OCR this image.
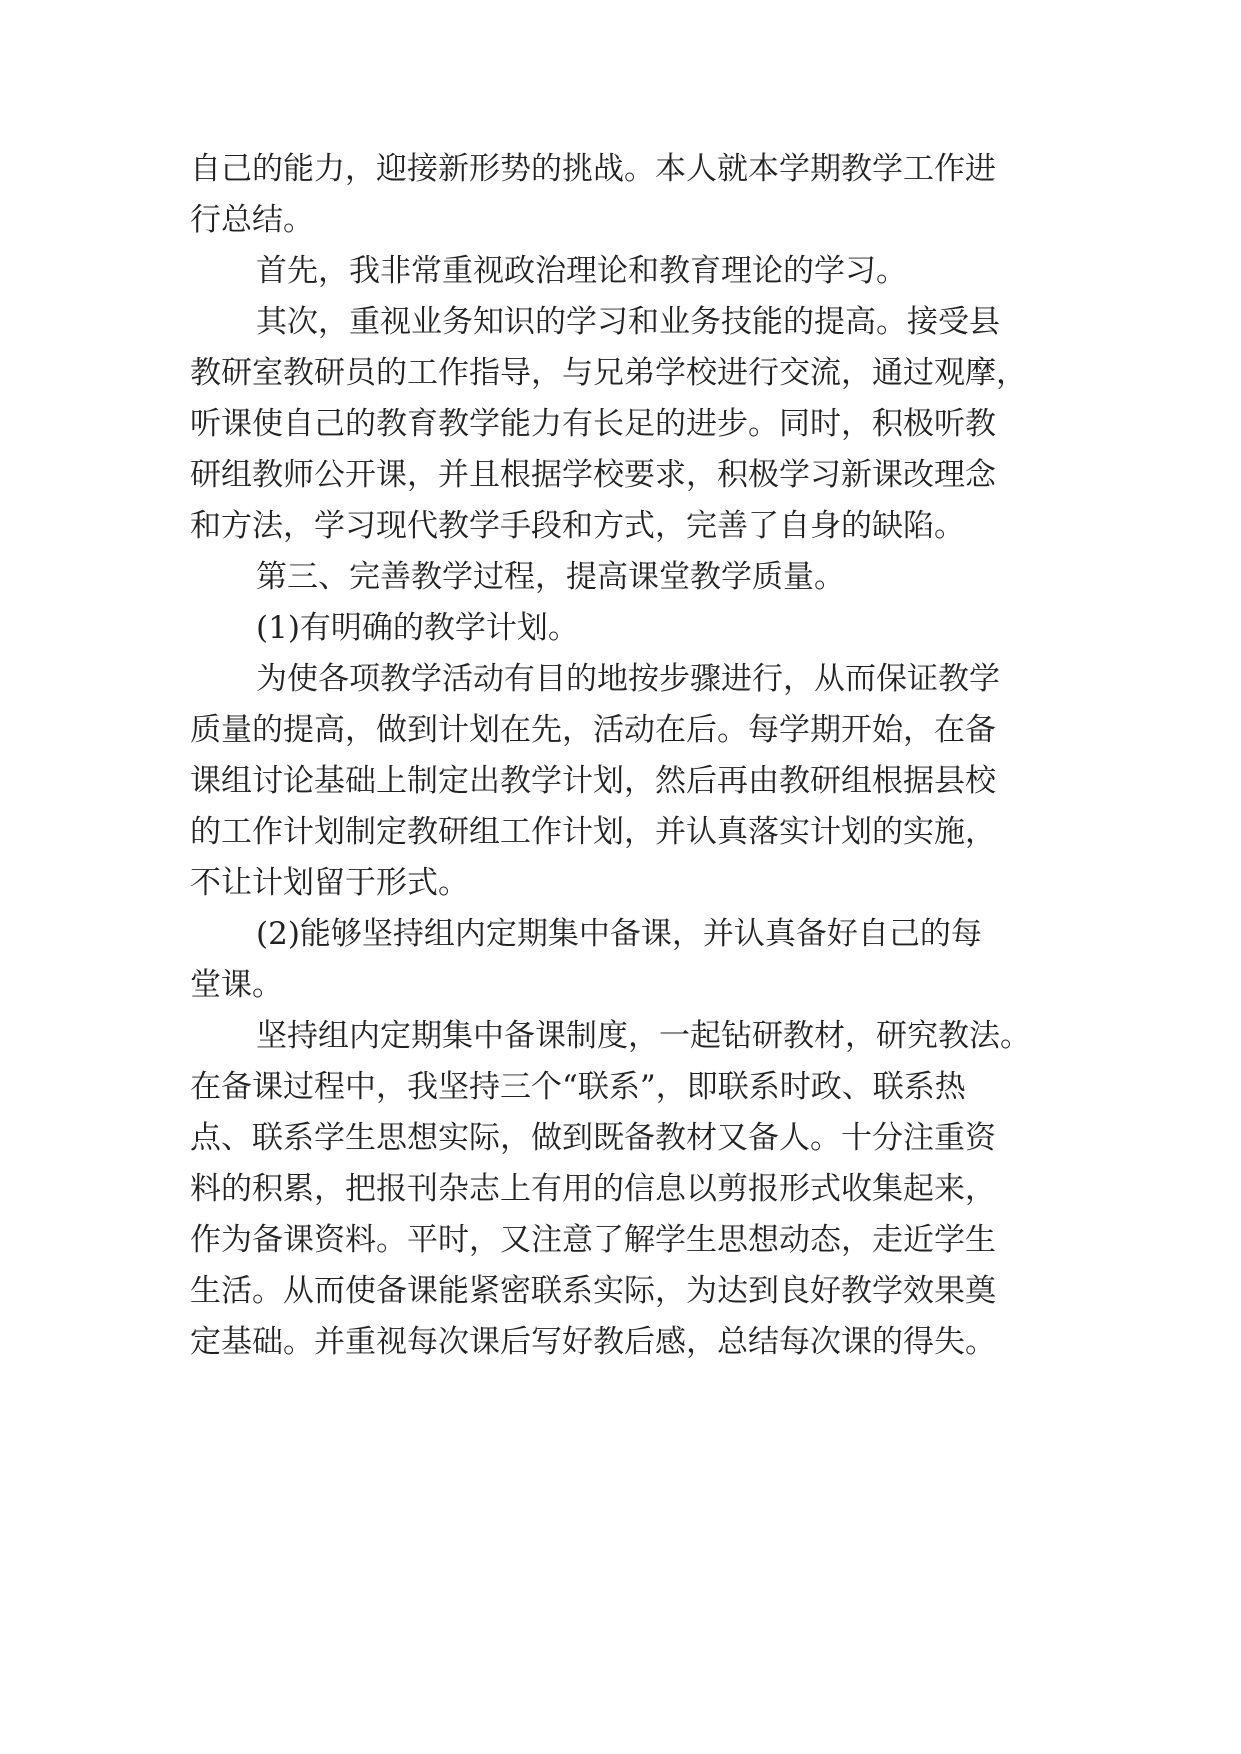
自己的能力，迎接新形势的挑战。本人就本学期教学工作进
行总结。
首先，我非常重视政治理论和教育理论的学习。
其次，重视业务知识的学习和业务技能的提高。接受县
教研室教研员的工作指导，与兄弟学校进行交流，通过观摩，
听课使自己的教育教学能力有长足的进步。同时，积极听教
研组教师公开课，并且根据学校要求，积极学习新课改理念
和方法，学习现代教学手段和方式，完善了自身的缺陷。
第三、完善教学过程，提高课堂教学质量。
(1)有明确的教学计划。
为使各项教学活动有目的地按步骤进行，从而保证教学
质量的提高，做到计划在先，活动在后。每学期开始，在备
课组讨论基础上制定出教学计划，然后再由教研组根据县校
的工作计划制定教研组工作计划，并认真落实计划的实施，
不让计划留于形式。
(2)能够坚持组内定期集中备课，并认真备好自己的每
堂课。
坚持组内定期集中备课制度，一起钻研教材，研究教法。
在备课过程中，我坚持三个“联系”，即联系时政、联系热
点、联系学生思想实际，做到既备教材又备人。十分注重资
料的积累，把报刊杂志上有用的信息以剪报形式收集起来，
作为备课资料。平时，又注意了解学生思想动态，走近学生
生活。从而使备课能紧密联系实际，为达到良好教学效果奠
定基础。并重视每次课后写好教后感，总结每次课的得失。
